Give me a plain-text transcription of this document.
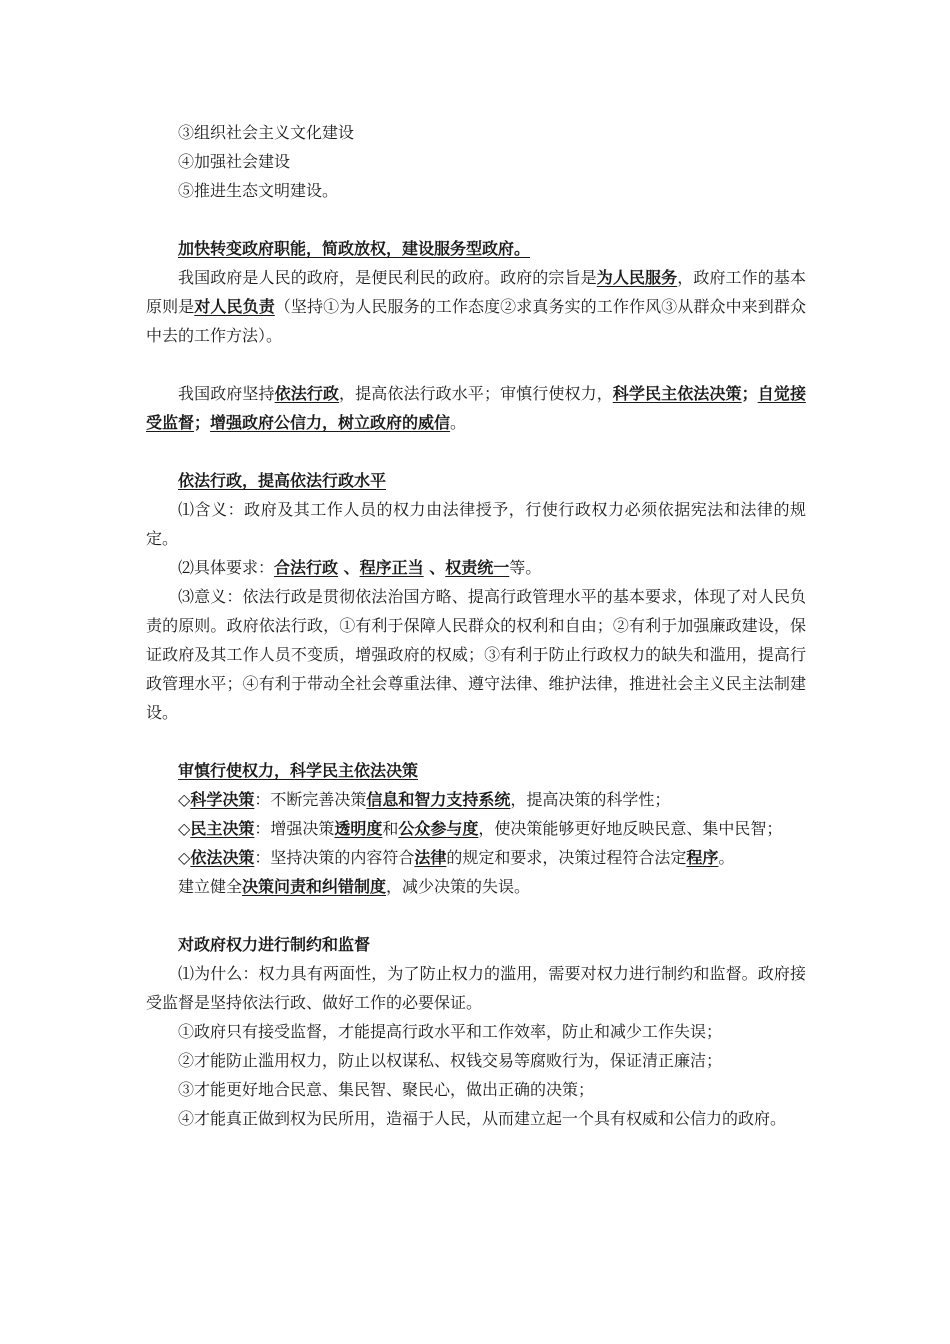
③组织社会主义文化建设

④加强社会建设

⑤推进生态文明建设。

加快转变政府职能，简政放权，建设服务型政府。

我国政府是人民的政府，是便民利民的政府。政府的宗旨是为人民服务，政府工作的基本原则是对人民负责（坚持①为人民服务的工作态度②求真务实的工作作风③从群众中来到群众中去的工作方法）。

我国政府坚持依法行政，提高依法行政水平；审慎行使权力，科学民主依法决策；自觉接受监督；增强政府公信力，树立政府的威信。

依法行政，提高依法行政水平

⑴含义：政府及其工作人员的权力由法律授予，行使行政权力必须依据宪法和法律的规定。

⑵具体要求：合法行政 、程序正当 、权责统一等。

⑶意义：依法行政是贯彻依法治国方略、提高行政管理水平的基本要求，体现了对人民负责的原则。政府依法行政，①有利于保障人民群众的权利和自由；②有利于加强廉政建设，保证政府及其工作人员不变质，增强政府的权威；③有利于防止行政权力的缺失和滥用，提高行政管理水平；④有利于带动全社会尊重法律、遵守法律、维护法律，推进社会主义民主法制建设。

审慎行使权力，科学民主依法决策

◇科学决策：不断完善决策信息和智力支持系统，提高决策的科学性；

◇民主决策：增强决策透明度和公众参与度，使决策能够更好地反映民意、集中民智；

◇依法决策：坚持决策的内容符合法律的规定和要求，决策过程符合法定程序。

建立健全决策问责和纠错制度，减少决策的失误。

对政府权力进行制约和监督

⑴为什么：权力具有两面性，为了防止权力的滥用，需要对权力进行制约和监督。政府接受监督是坚持依法行政、做好工作的必要保证。

①政府只有接受监督，才能提高行政水平和工作效率，防止和减少工作失误；

②才能防止滥用权力，防止以权谋私、权钱交易等腐败行为，保证清正廉洁；

③才能更好地合民意、集民智、聚民心，做出正确的决策；

④才能真正做到权为民所用，造福于人民，从而建立起一个具有权威和公信力的政府。
